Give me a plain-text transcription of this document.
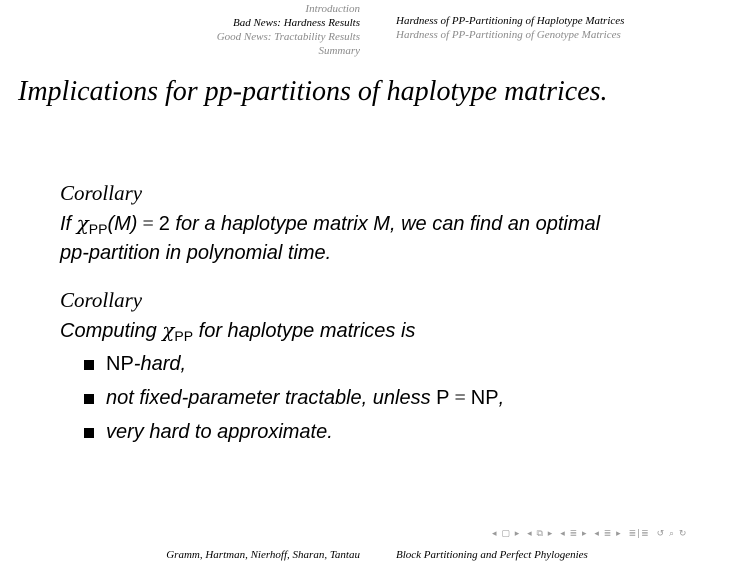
Introduction
Bad News: Hardness Results
Good News: Tractability Results
Summary
Hardness of PP-Partitioning of Haplotype Matrices
Hardness of PP-Partitioning of Genotype Matrices
Implications for pp-partitions of haplotype matrices.
Corollary
If $\chi_{PP}(M) = 2$ for a haplotype matrix M, we can find an optimal
pp-partition in polynomial time.
Corollary
Computing $\chi_{PP}$ for haplotype matrices is
NP-hard,
not fixed-parameter tractable, unless P = NP,
very hard to approximate.
◂ ▢ ▸ ◂ ⧉ ▸ ◂ ≣ ▸ ◂ ≣ ▸ ≣|≣ ↺ ⌕ ↻
Gramm, Hartman, Nierhoff, Sharan, Tantau	Block Partitioning and Perfect Phylogenies
